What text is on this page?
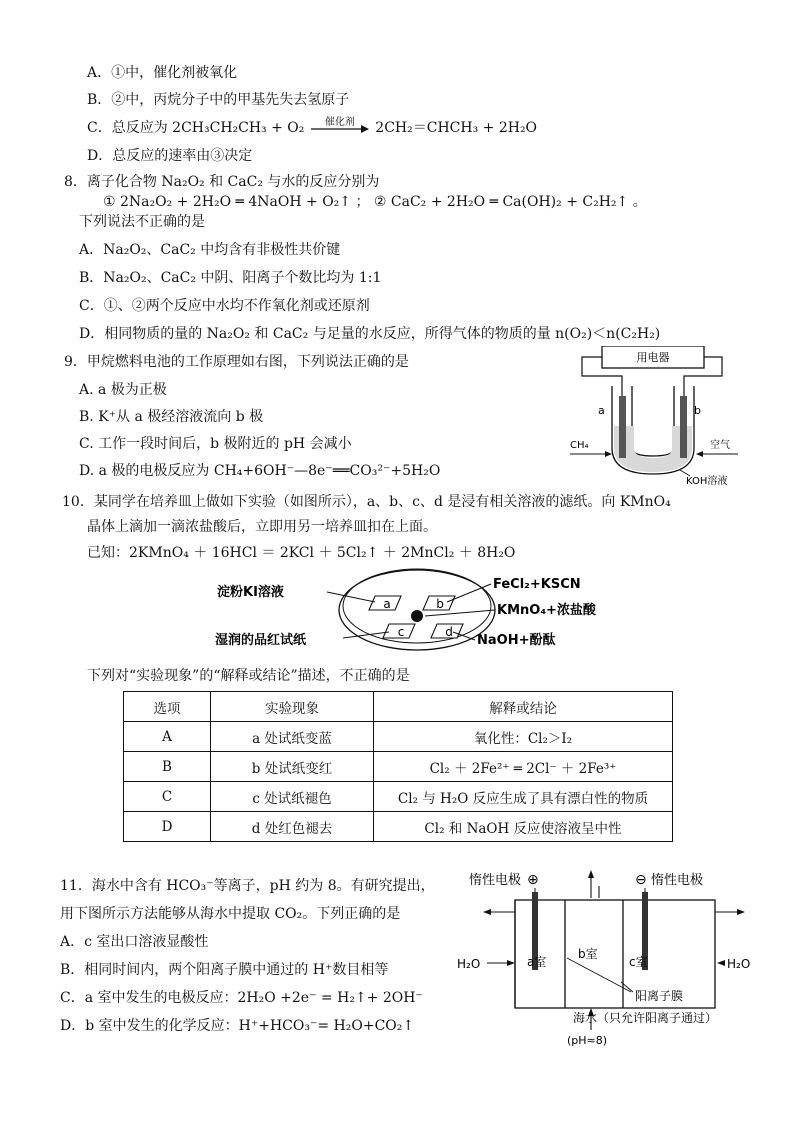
A．①中，催化剂被氧化
B．②中，丙烷分子中的甲基先失去氢原子
C．总反应为 2CH₃CH₂CH₃ + O₂	催化剂	2CH₂＝CHCH₃ + 2H₂O
D．总反应的速率由③决定
8．离子化合物 Na₂O₂ 和 CaC₂ 与水的反应分别为
① 2Na₂O₂ + 2H₂O ═ 4NaOH + O₂↑ ； ② CaC₂ + 2H₂O ═ Ca(OH)₂ + C₂H₂↑ 。
下列说法不正确的是
A．Na₂O₂、CaC₂ 中均含有非极性共价键
B．Na₂O₂、CaC₂ 中阴、阳离子个数比均为 1:1
C．①、②两个反应中水均不作氧化剂或还原剂
D．相同物质的量的 Na₂O₂ 和 CaC₂ 与足量的水反应，所得气体的物质的量 n(O₂)＜n(C₂H₂)
9．甲烷燃料电池的工作原理如右图，下列说法正确的是
A. a 极为正极
B. K⁺从 a 极经溶液流向 b 极
C. 工作一段时间后，b 极附近的 pH 会减小
D. a 极的电极反应为 CH₄+6OH⁻—8e⁻══CO₃²⁻+5H₂O
用电器
a	b
CH₄	空气
KOH溶液
10．某同学在培养皿上做如下实验（如图所示），a、b、c、d 是浸有相关溶液的滤纸。向 KMnO₄
晶体上滴加一滴浓盐酸后，立即用另一培养皿扣在上面。
已知：2KMnO₄ ＋ 16HCl ＝ 2KCl ＋ 5Cl₂↑ ＋ 2MnCl₂ ＋ 8H₂O
a	b
c	d
淀粉KI溶液
湿润的品红试纸
FeCl₂+KSCN
KMnO₄+浓盐酸
NaOH+酚酞
下列对“实验现象”的“解释或结论”描述，不正确的是
选项	实验现象	解释或结论
A	a 处试纸变蓝	氧化性：Cl₂＞I₂
B	b 处试纸变红	Cl₂ ＋ 2Fe²⁺ ═ 2Cl⁻ ＋ 2Fe³⁺
C	c 处试纸褪色	Cl₂ 与 H₂O 反应生成了具有漂白性的物质
D	d 处红色褪去	Cl₂ 和 NaOH 反应使溶液呈中性
11．海水中含有 HCO₃⁻等离子，pH 约为 8。有研究提出，
用下图所示方法能够从海水中提取 CO₂。下列正确的是
A．c 室出口溶液显酸性
B．相同时间内，两个阳离子膜中通过的 H⁺数目相等
C．a 室中发生的电极反应：2H₂O +2e⁻ = H₂↑+ 2OH⁻
D．b 室中发生的化学反应：H⁺+HCO₃⁻= H₂O+CO₂↑
惰性电极 ⊕	⊖ 惰性电极
a室
b室
c室
H₂O	H₂O
阳离子膜
海水（只允许阳离子通过）
(pH≈8)
